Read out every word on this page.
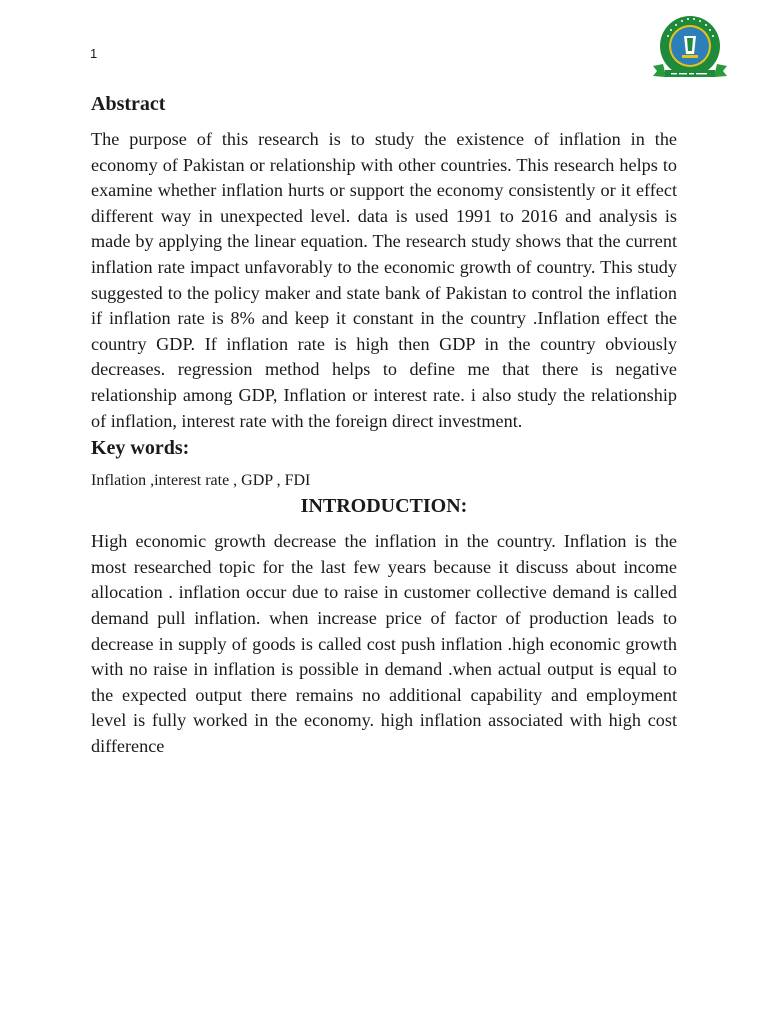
1
Abstract

The purpose of this research is to study the existence of inflation in the economy of Pakistan or relationship with other countries. This research helps to examine whether inflation hurts or support the economy consistently or it effect different way in unexpected level. data is used 1991 to 2016 and analysis is made by applying the linear equation. The research study shows that the current inflation rate impact unfavorably to the economic growth of country. This study suggested to the policy maker and state bank of Pakistan to control the inflation if inflation rate is 8% and keep it constant in the country .Inflation effect the country GDP. If inflation rate is high then GDP in the country obviously decreases. regression method helps to define me that there is negative relationship among GDP, Inflation or interest rate. i also study the relationship of inflation, interest rate with the foreign direct investment.

Key words:

Inflation ,interest rate , GDP , FDI

INTRODUCTION:

High economic growth decrease the inflation in the country. Inflation is the most researched topic for the last few years because it discuss about income allocation . inflation occur due to raise in customer collective demand is called demand pull inflation. when increase price of factor of production leads to decrease in supply of goods is called cost push inflation .high economic growth with no raise in inflation is possible in demand .when actual output is equal to the expected output there remains no additional capability and employment level is fully worked in the economy. high inflation associated with high cost difference
